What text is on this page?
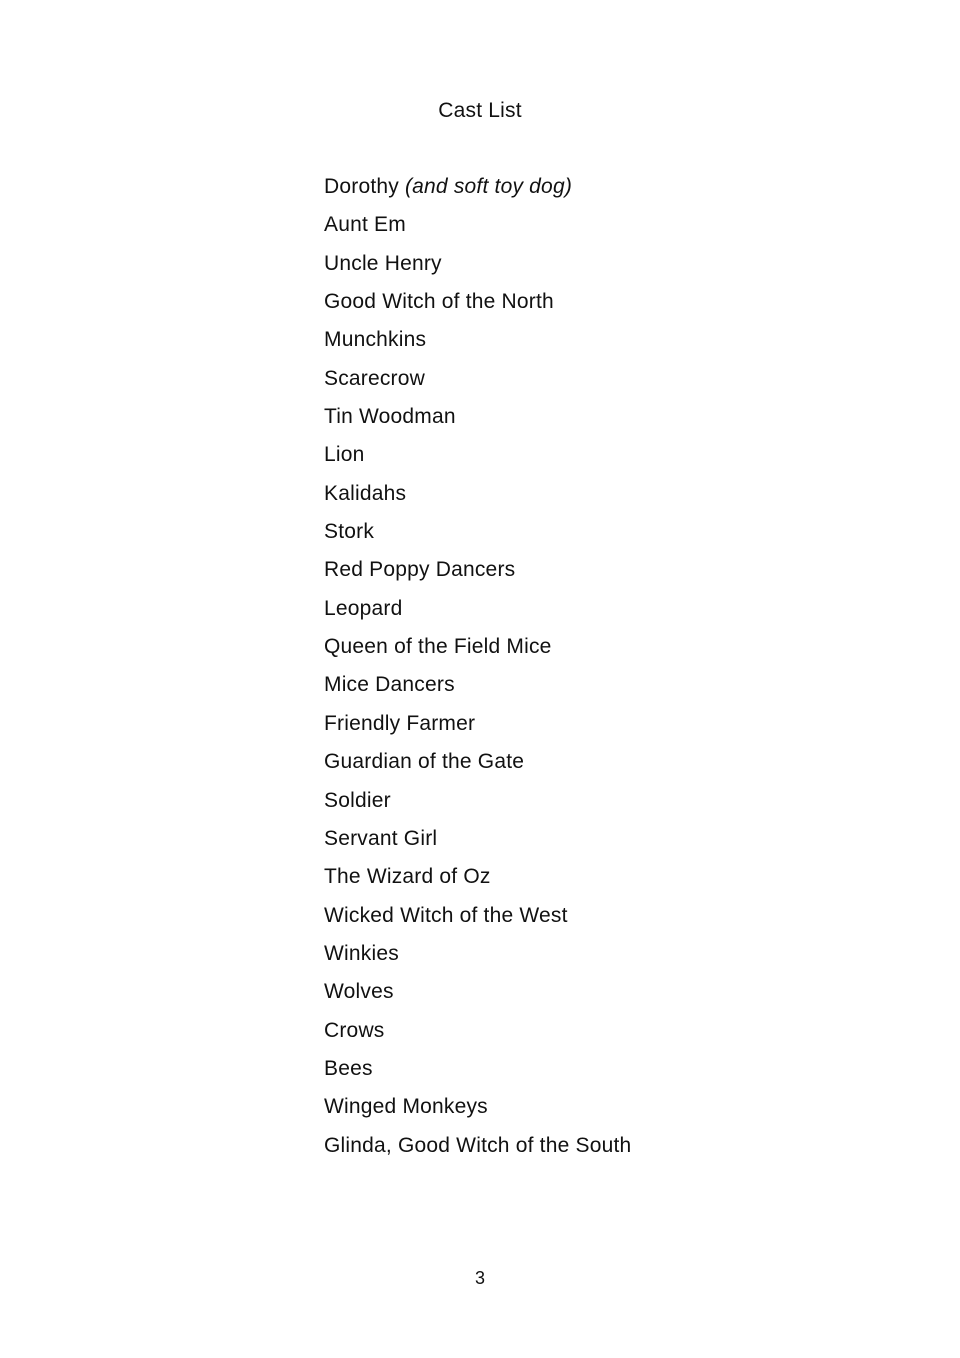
Cast List
Dorothy (and soft toy dog)
Aunt Em
Uncle Henry
Good Witch of the North
Munchkins
Scarecrow
Tin Woodman
Lion
Kalidahs
Stork
Red Poppy Dancers
Leopard
Queen of the Field Mice
Mice Dancers
Friendly Farmer
Guardian of the Gate
Soldier
Servant Girl
The Wizard of Oz
Wicked Witch of the West
Winkies
Wolves
Crows
Bees
Winged Monkeys
Glinda, Good Witch of the South
3
